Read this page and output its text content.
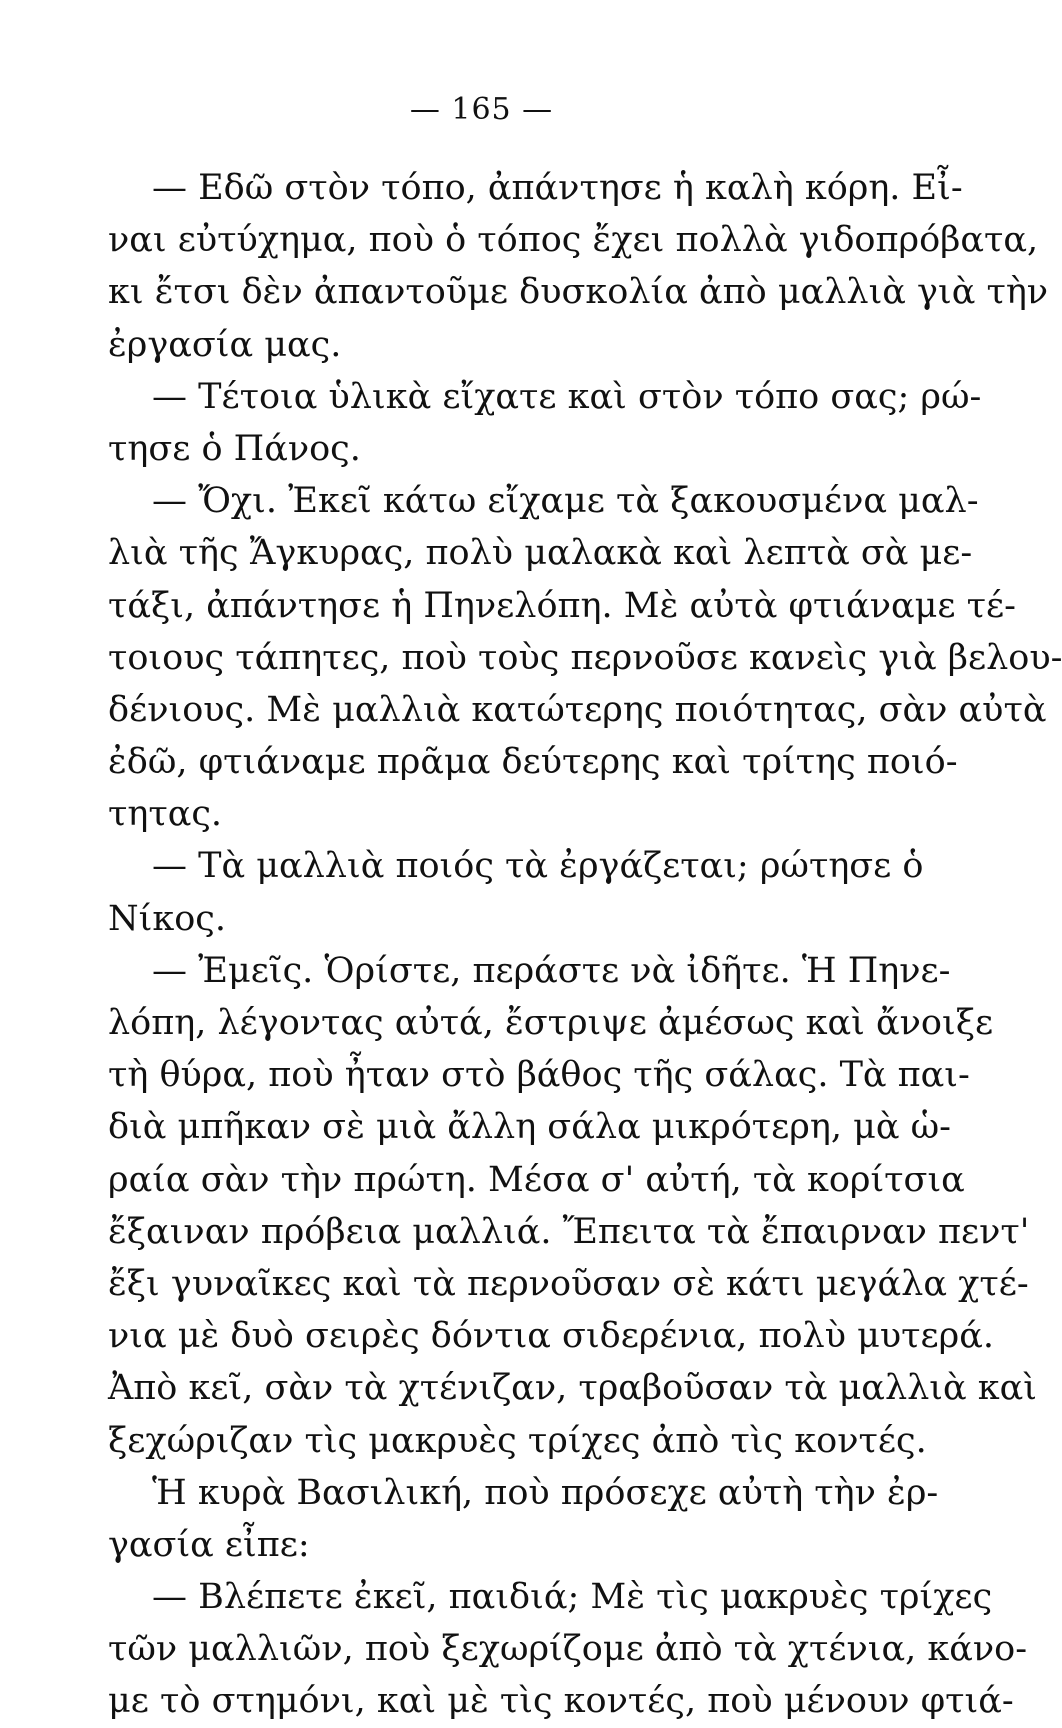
— 165 —
— Εδῶ στὸν τόπο, ἀπάντησε ἡ καλὴ κόρη. Εἶ-
ναι εὐτύχημα, ποὺ ὁ τόπος ἔχει πολλὰ γιδοπρόβατα,
κι ἔτσι δὲν ἀπαντοῦμε δυσκολία ἀπὸ μαλλιὰ γιὰ τὴν
ἐργασία μας.
— Τέτοια ὑλικὰ εἴχατε καὶ στὸν τόπο σας; ρώ-
τησε ὁ Πάνος.
— Ὄχι. Ἐκεῖ κάτω εἴχαμε τὰ ξακουσμένα μαλ-
λιὰ τῆς Ἄγκυρας, πολὺ μαλακὰ καὶ λεπτὰ σὰ με-
τάξι, ἀπάντησε ἡ Πηνελόπη. Μὲ αὐτὰ φτιάναμε τέ-
τοιους τάπητες, ποὺ τοὺς περνοῦσε κανεὶς γιὰ βελου-
δένιους. Μὲ μαλλιὰ κατώτερης ποιότητας, σὰν αὐτὰ
ἐδῶ, φτιάναμε πρᾶμα δεύτερης καὶ τρίτης ποιό-
τητας.
— Τὰ μαλλιὰ ποιός τὰ ἐργάζεται; ρώτησε ὁ
Νίκος.
— Ἐμεῖς. Ὁρίστε, περάστε νὰ ἰδῆτε. Ἡ Πηνε-
λόπη, λέγοντας αὐτά, ἔστριψε ἀμέσως καὶ ἄνοιξε
τὴ θύρα, ποὺ ἦταν στὸ βάθος τῆς σάλας. Τὰ παι-
διὰ μπῆκαν σὲ μιὰ ἄλλη σάλα μικρότερη, μὰ ὡ-
ραία σὰν τὴν πρώτη. Μέσα σ' αὐτή, τὰ κορίτσια
ἔξαιναν πρόβεια μαλλιά. Ἔπειτα τὰ ἔπαιρναν πεντ'
ἔξι γυναῖκες καὶ τὰ περνοῦσαν σὲ κάτι μεγάλα χτέ-
νια μὲ δυὸ σειρὲς δόντια σιδερένια, πολὺ μυτερά.
Ἀπὸ κεῖ, σὰν τὰ χτένιζαν, τραβοῦσαν τὰ μαλλιὰ καὶ
ξεχώριζαν τὶς μακρυὲς τρίχες ἀπὸ τὶς κοντές.
Ἡ κυρὰ Βασιλική, ποὺ πρόσεχε αὐτὴ τὴν ἐρ-
γασία εἶπε:
— Βλέπετε ἐκεῖ, παιδιά; Μὲ τὶς μακρυὲς τρίχες
τῶν μαλλιῶν, ποὺ ξεχωρίζομε ἀπὸ τὰ χτένια, κάνο-
με τὸ στημόνι, καὶ μὲ τὶς κοντές, ποὺ μένουν φτιά-
